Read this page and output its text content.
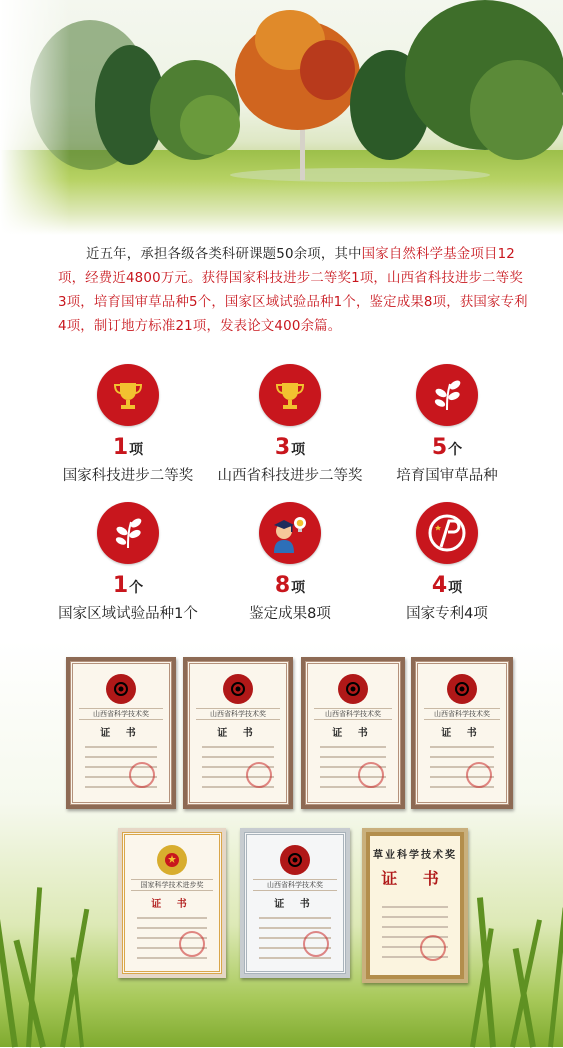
近五年，承担各级各类科研课题50余项，其中国家自然科学基金项目12项，经费近4800万元。获得国家科技进步二等奖1项，山西省科技进步二等奖3项，培育国审草品种5个，国家区域试验品种1个，鉴定成果8项，获国家专利4项，制订地方标准21项，发表论文400余篇。

1项
国家科技进步二等奖
3项
山西省科技进步二等奖
5个
培育国审草品种
1个
国家区域试验品种1个
8项
鉴定成果8项
4项
国家专利4项
山西省科学技术奖
证 书
山西省科学技术奖
证 书
山西省科学技术奖
证 书
山西省科学技术奖
证 书
国家科学技术进步奖
证 书
山西省科学技术奖
证 书
草业科学技术奖
证 书
